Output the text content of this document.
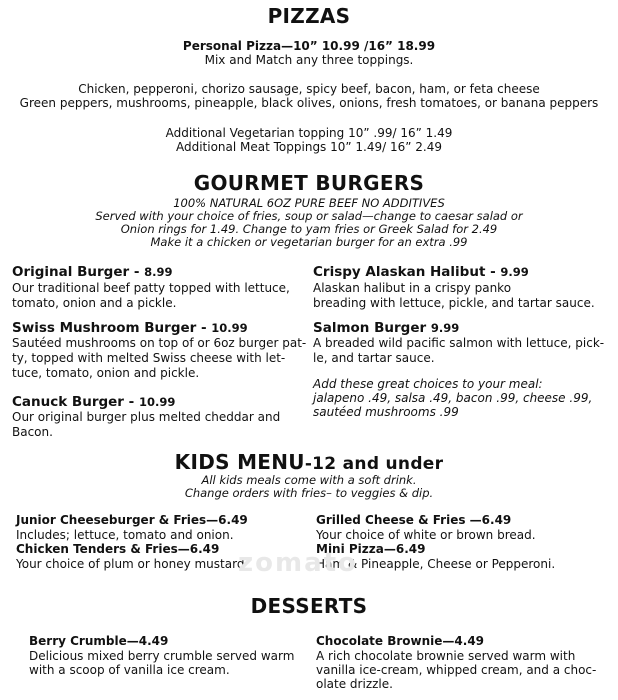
PIZZAS
Personal Pizza—10” 10.99 /16” 18.99
Mix and Match any three toppings.
Chicken, pepperoni, chorizo sausage, spicy beef, bacon, ham, or feta cheese
Green peppers, mushrooms, pineapple, black olives, onions, fresh tomatoes, or banana peppers
Additional Vegetarian topping 10” .99/ 16” 1.49
Additional Meat Toppings 10” 1.49/ 16” 2.49
GOURMET BURGERS
100% NATURAL 6OZ PURE BEEF NO ADDITIVES
Served with your choice of fries, soup or salad—change to caesar salad or
Onion rings for 1.49. Change to yam fries or Greek Salad for 2.49
Make it a chicken or vegetarian burger for an extra .99
Original Burger - 8.99
Our traditional beef patty topped with lettuce,
tomato, onion and a pickle.
Swiss Mushroom Burger - 10.99
Sautéed mushrooms on top of or 6oz burger pat-
ty, topped with melted Swiss cheese with let-
tuce, tomato, onion and pickle.
Canuck Burger - 10.99
Our original burger plus melted cheddar and
Bacon.
Crispy Alaskan Halibut - 9.99
Alaskan halibut in a crispy panko
breading with lettuce, pickle, and tartar sauce.
Salmon Burger 9.99
A breaded wild pacific salmon with lettuce, pick-
le, and tartar sauce.
Add these great choices to your meal:
jalapeno .49, salsa .49, bacon .99, cheese .99,
sautéed mushrooms .99
KIDS MENU-12 and under
All kids meals come with a soft drink.
Change orders with fries– to veggies & dip.
Junior Cheeseburger & Fries—6.49
Includes; lettuce, tomato and onion.
Chicken Tenders & Fries—6.49
Your choice of plum or honey mustard
Grilled Cheese & Fries —6.49
Your choice of white or brown bread.
Mini Pizza—6.49
Ham & Pineapple, Cheese or Pepperoni.
zomato
DESSERTS
Berry Crumble—4.49
Delicious mixed berry crumble served warm
with a scoop of vanilla ice cream.
Chocolate Brownie—4.49
A rich chocolate brownie served warm with
vanilla ice-cream, whipped cream, and a choc-
olate drizzle.
